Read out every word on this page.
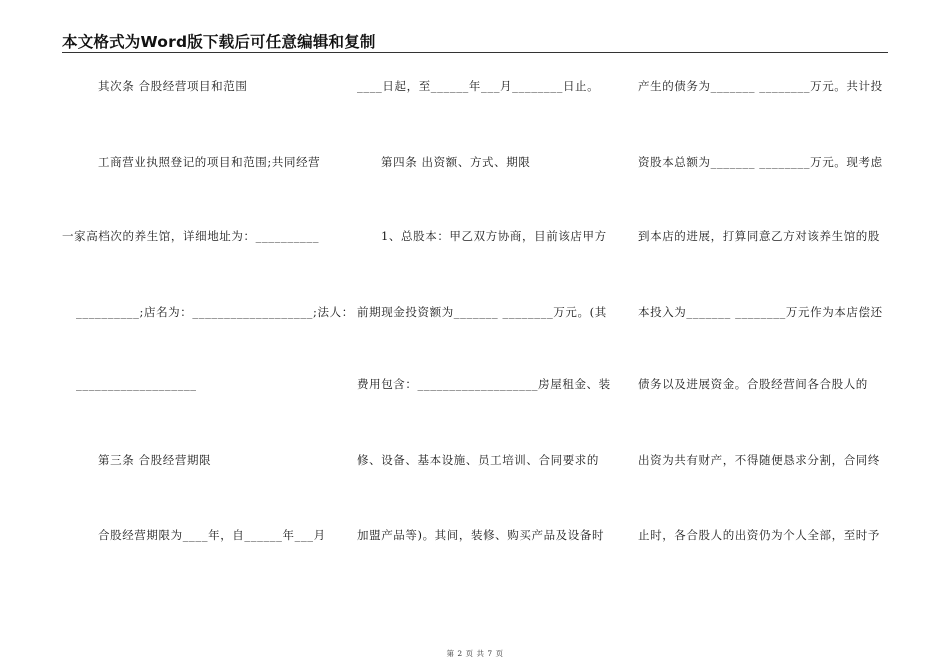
本文格式为Word版下载后可任意编辑和复制
其次条 合股经营项目和范围
工商营业执照登记的项目和范围;共同经营
一家高档次的养生馆，详细地址为：__________
__________;店名为：___________________;法人：
___________________
第三条 合股经营期限
合股经营期限为____年，自______年___月
____日起，至______年___月________日止。
第四条 出资额、方式、期限
1、总股本：甲乙双方协商，目前该店甲方
前期现金投资额为_______ ________万元。(其
费用包含：___________________房屋租金、装
修、设备、基本设施、员工培训、合同要求的
加盟产品等)。其间，装修、购买产品及设备时
产生的债务为_______ ________万元。共计投
资股本总额为_______ ________万元。现考虑
到本店的进展，打算同意乙方对该养生馆的股
本投入为_______ ________万元作为本店偿还
债务以及进展资金。合股经营间各合股人的
出资为共有财产，不得随便恳求分割，合同终
止时，各合股人的出资仍为个人全部，至时予
第 2 页 共 7 页
